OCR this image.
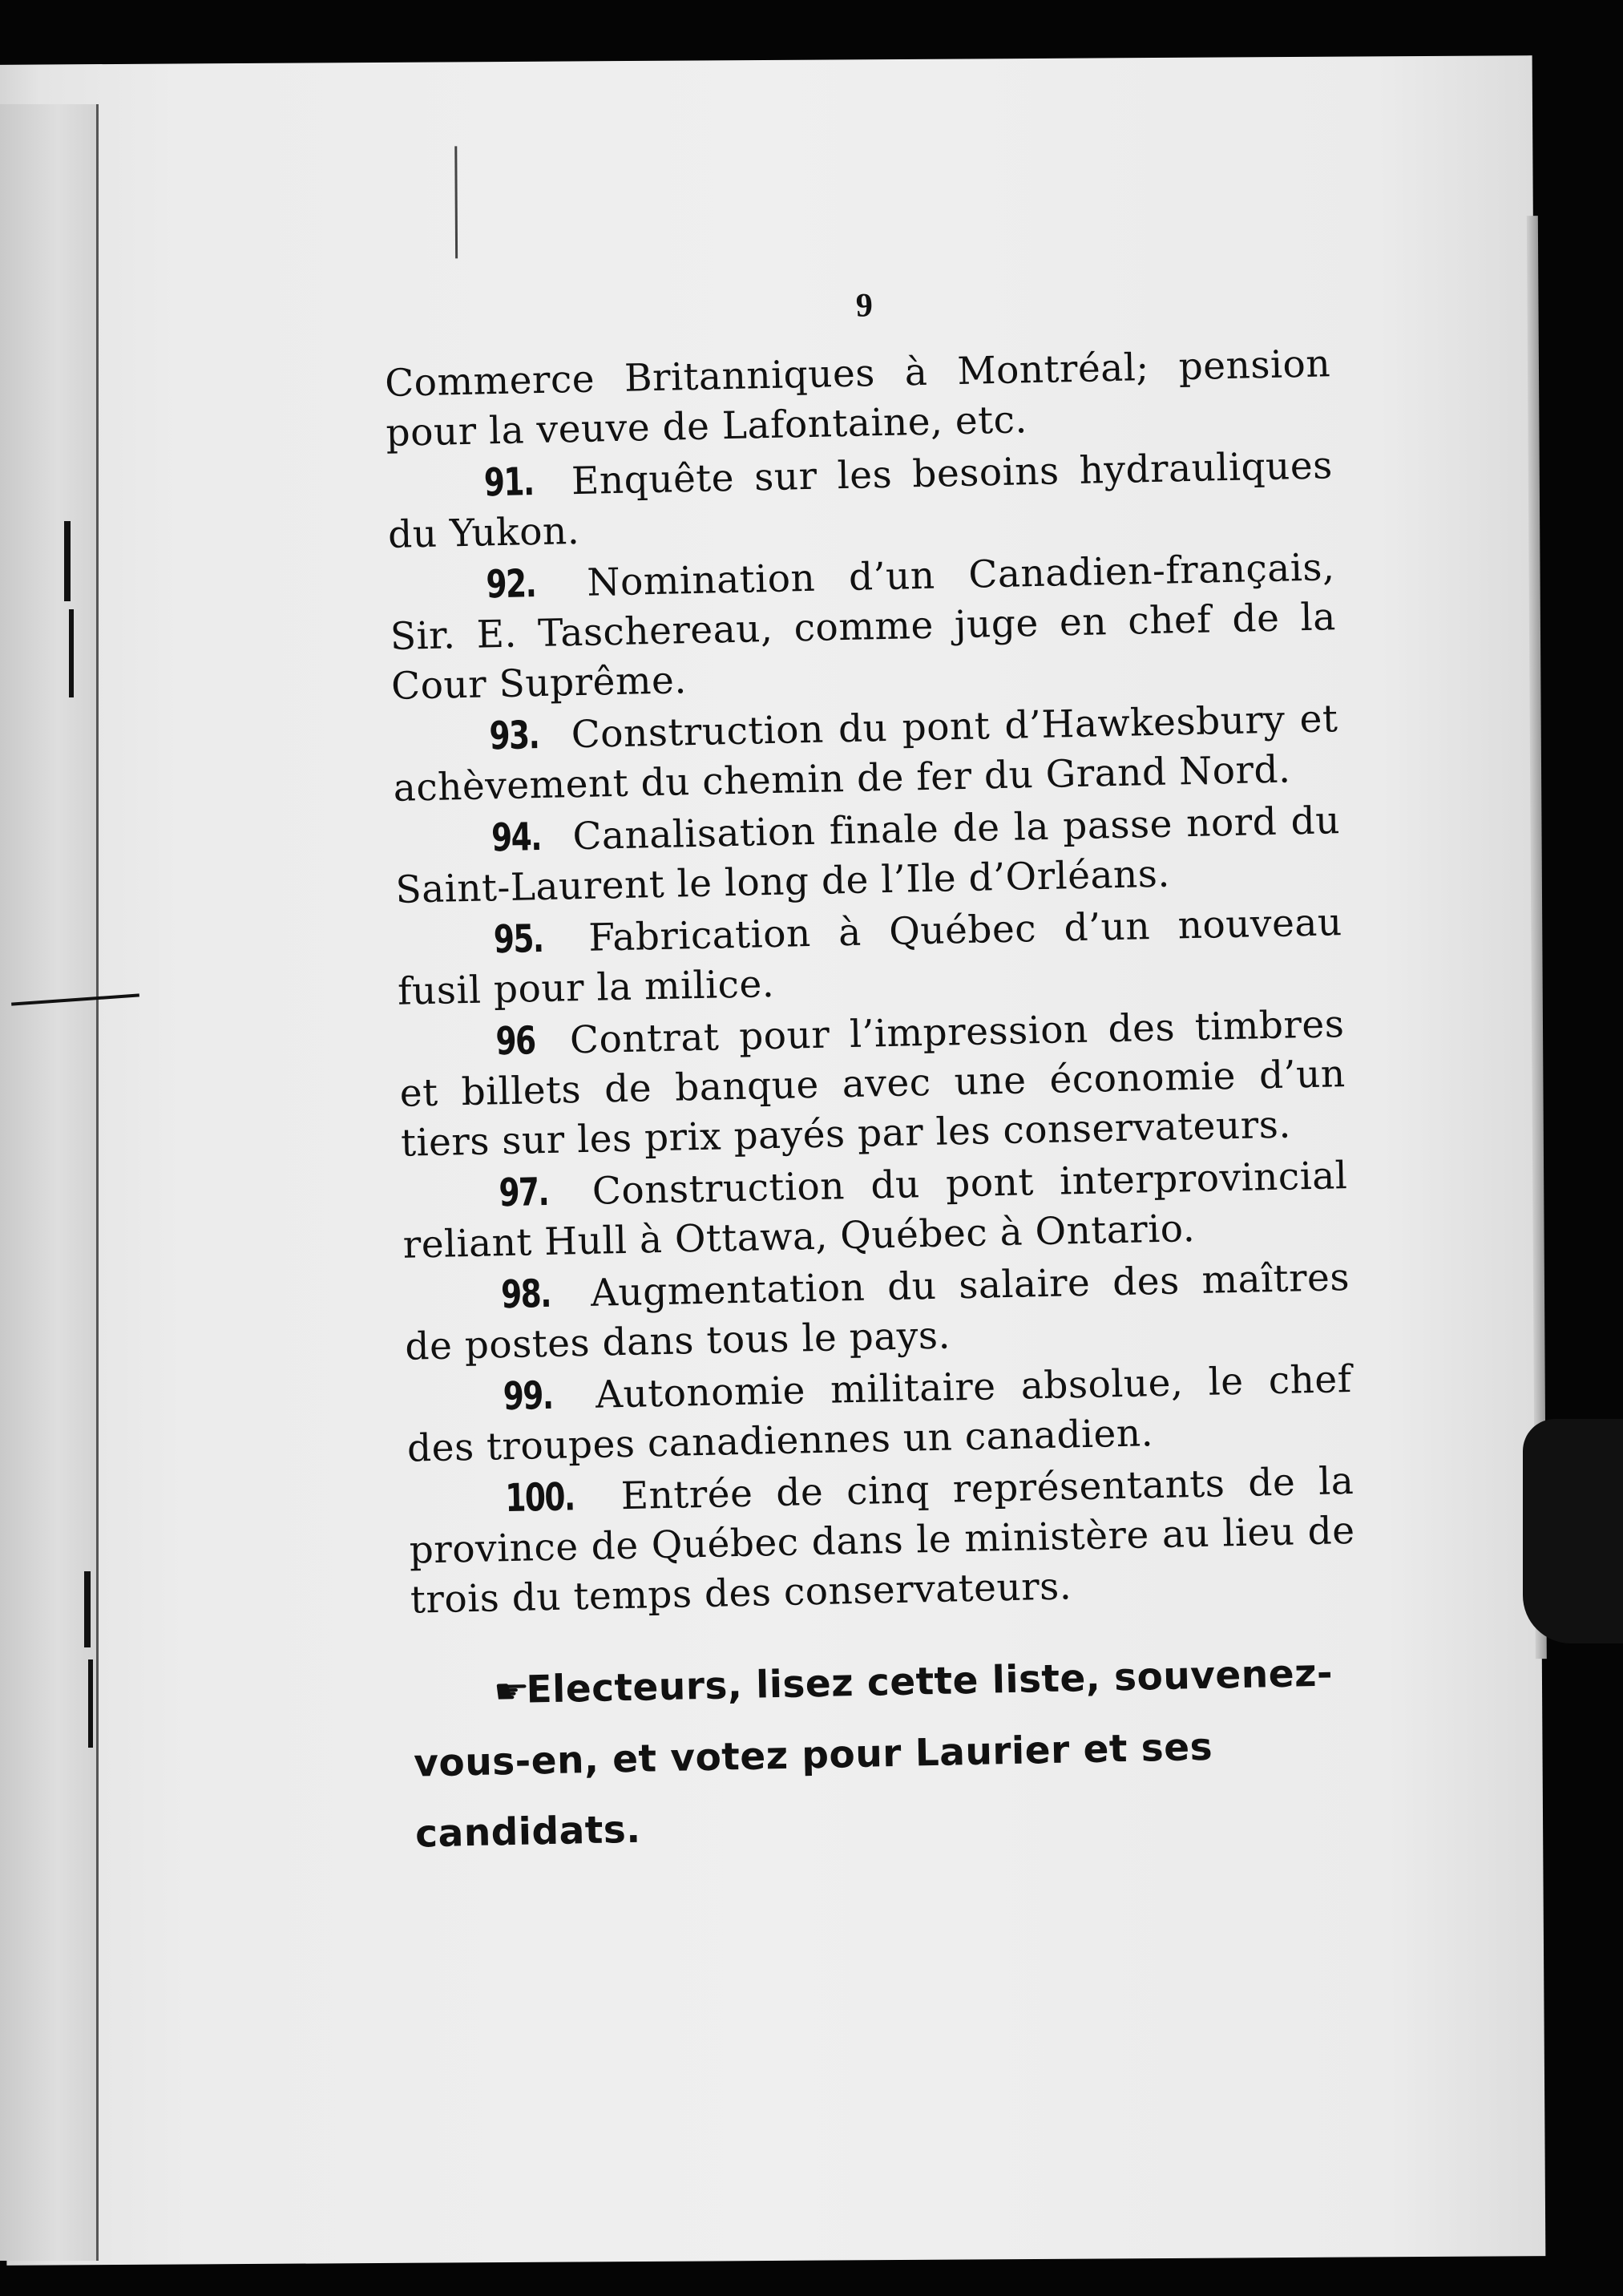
9

Commerce Britanniques à Montréal; pension pour la veuve de Lafontaine, etc.

91. Enquête sur les besoins hydrauliques du Yukon.

92. Nomination d’un Canadien-français, Sir. E. Taschereau, comme juge en chef de la Cour Suprême.

93. Construction du pont d’Hawkesbury et achèvement du chemin de fer du Grand Nord.

94. Canalisation finale de la passe nord du Saint-Laurent le long de l’Ile d’Orléans.

95. Fabrication à Québec d’un nouveau fusil pour la milice.

96 Contrat pour l’impression des timbres et billets de banque avec une économie d’un tiers sur les prix payés par les conservateurs.

97. Construction du pont interprovincial reliant Hull à Ottawa, Québec à Ontario.

98. Augmentation du salaire des maîtres de postes dans tous le pays.

99. Autonomie militaire absolue, le chef des troupes canadiennes un canadien.

100. Entrée de cinq représentants de la province de Québec dans le ministère au lieu de trois du temps des conservateurs.

☛Electeurs, lisez cette liste, souvenez-vous-en, et votez pour Laurier et ses candidats.
